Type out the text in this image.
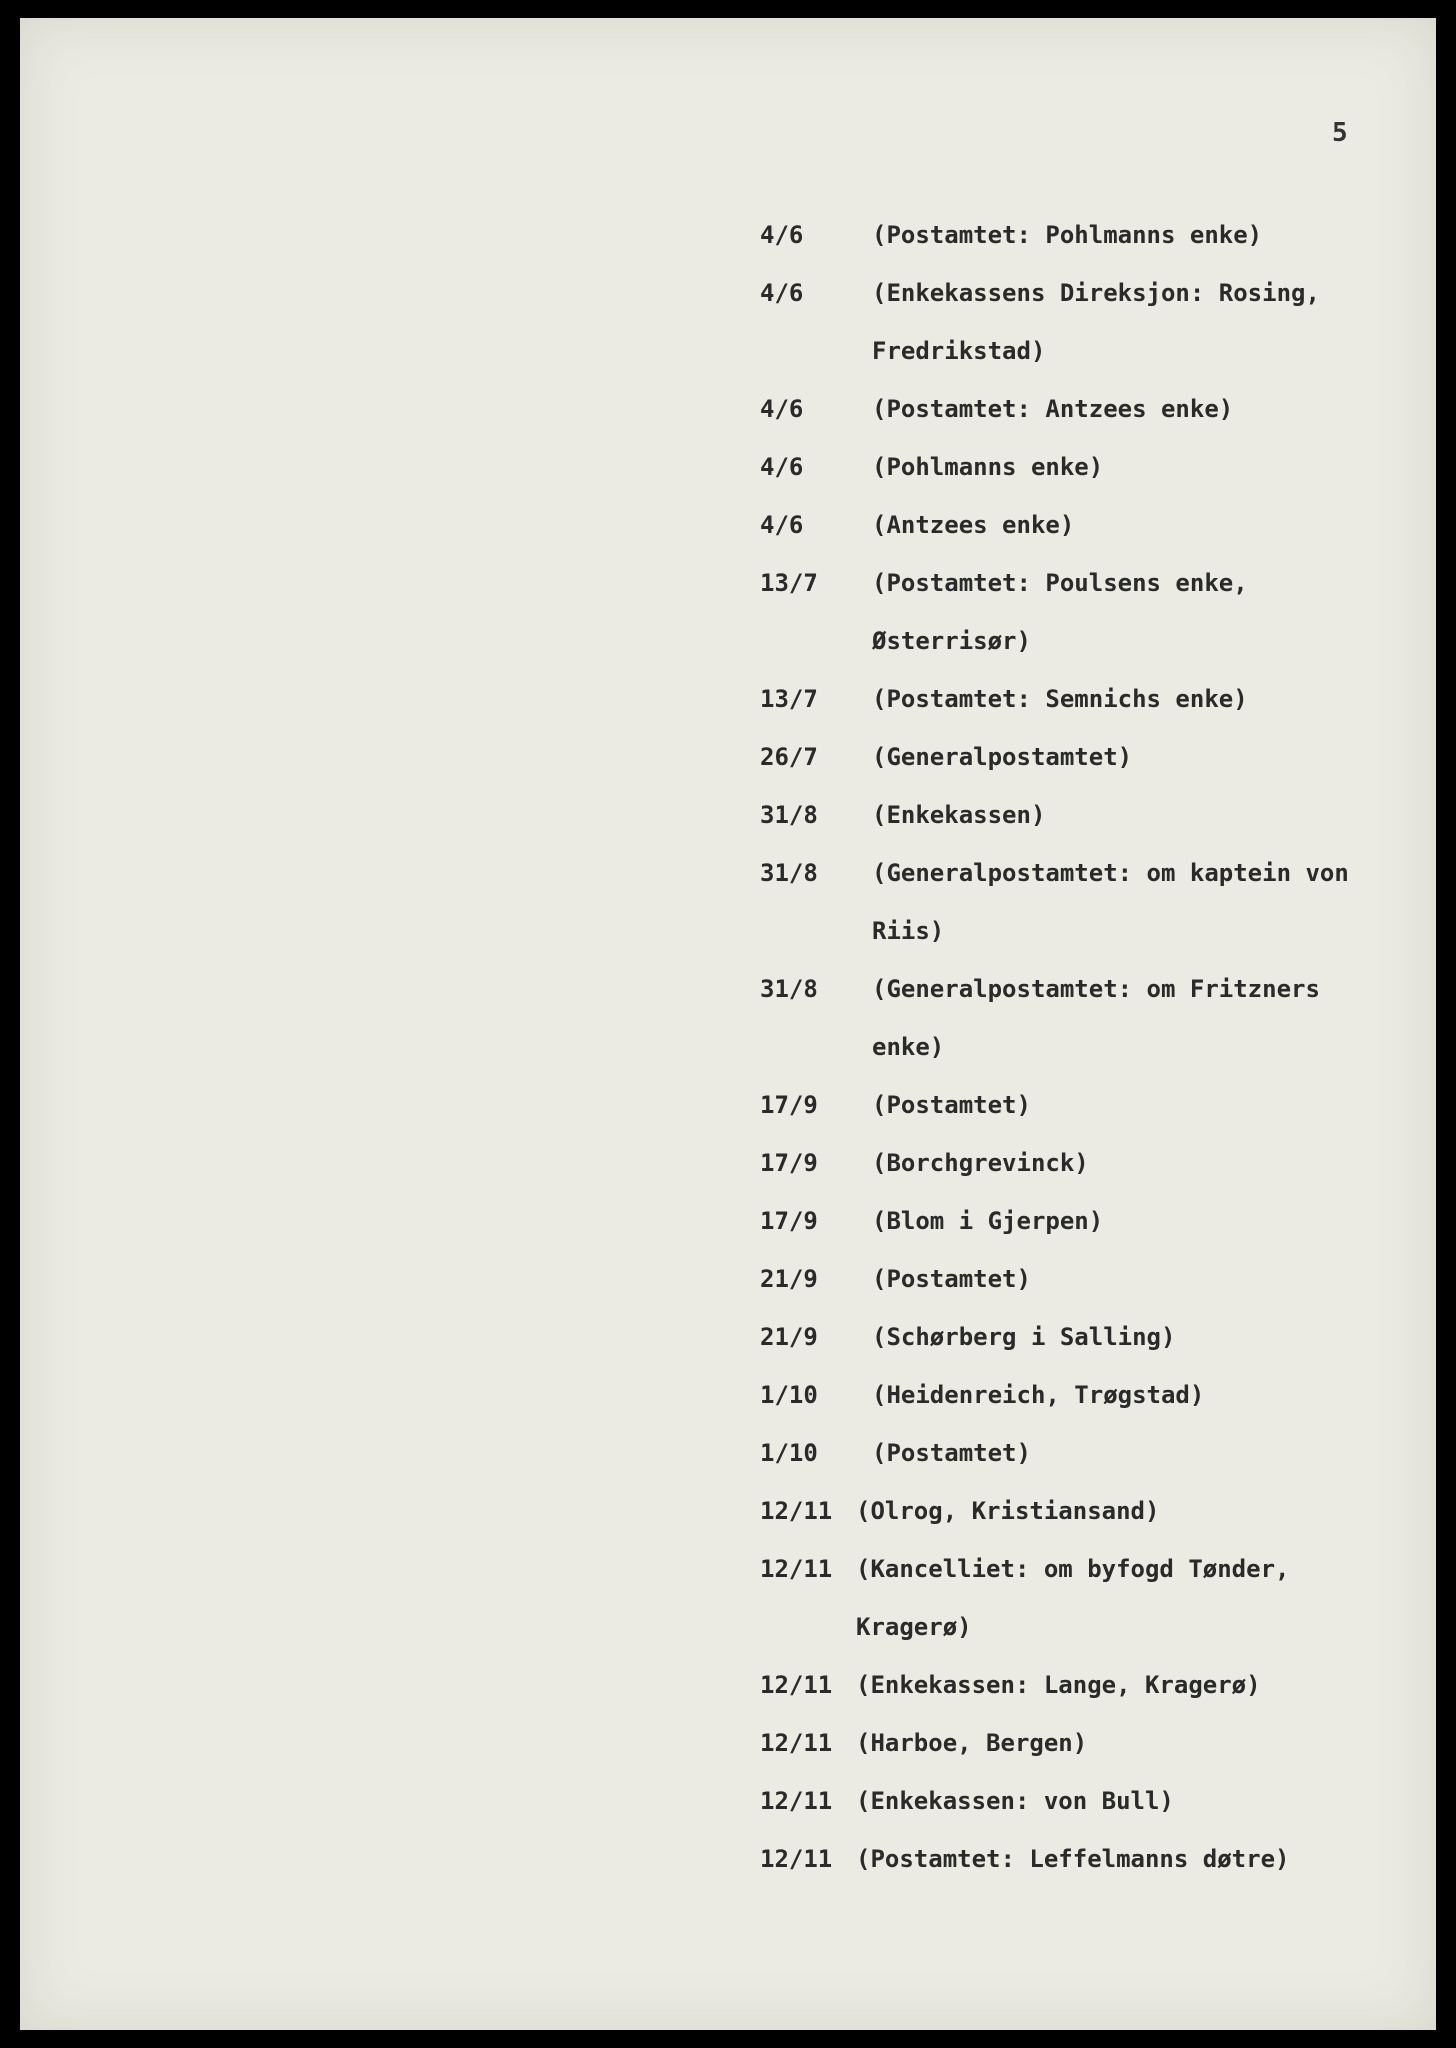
5
4/6	(Postamtet: Pohlmanns enke)
4/6	(Enkekassens Direksjon: Rosing,
Fredrikstad)
4/6	(Postamtet: Antzees enke)
4/6	(Pohlmanns enke)
4/6	(Antzees enke)
13/7 (Postamtet: Poulsens enke,
Østerrisør)
13/7 (Postamtet: Semnichs enke)
26/7 (Generalpostamtet)
31/8 (Enkekassen)
31/8 (Generalpostamtet: om kaptein von
Riis)
31/8 (Generalpostamtet: om Fritzners
enke)
17/9 (Postamtet)
17/9 (Borchgrevinck)
17/9 (Blom i Gjerpen)
21/9 (Postamtet)
21/9 (Schørberg i Salling)
1/10 (Heidenreich, Trøgstad)
1/10 (Postamtet)
12/11 (Olrog, Kristiansand)
12/11 (Kancelliet: om byfogd Tønder,
Kragerø)
12/11 (Enkekassen: Lange, Kragerø)
12/11 (Harboe, Bergen)
12/11 (Enkekassen: von Bull)
12/11 (Postamtet: Leffelmanns døtre)
